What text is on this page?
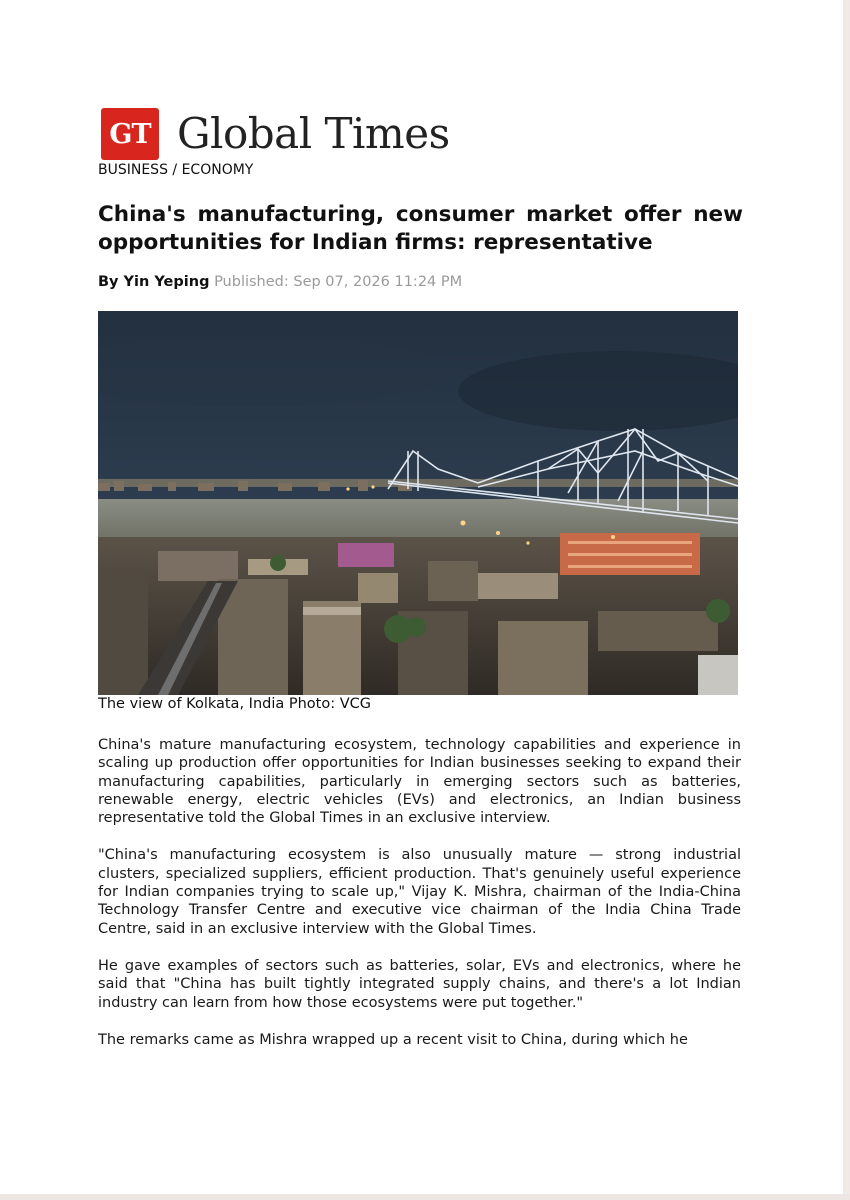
GT Global Times
BUSINESS / ECONOMY
China's manufacturing, consumer market offer new opportunities for Indian firms: representative
By Yin Yeping Published: Sep 07, 2026 11:24 PM
The view of Kolkata, India Photo: VCG

China's mature manufacturing ecosystem, technology capabilities and experience in scaling up production offer opportunities for Indian businesses seeking to expand their manufacturing capabilities, particularly in emerging sectors such as batteries, renewable energy, electric vehicles (EVs) and electronics, an Indian business representative told the Global Times in an exclusive interview.

"China's manufacturing ecosystem is also unusually mature — strong industrial clusters, specialized suppliers, efficient production. That's genuinely useful experience for Indian companies trying to scale up," Vijay K. Mishra, chairman of the India-China Technology Transfer Centre and executive vice chairman of the India China Trade Centre, said in an exclusive interview with the Global Times.

He gave examples of sectors such as batteries, solar, EVs and electronics, where he said that "China has built tightly integrated supply chains, and there's a lot Indian industry can learn from how those ecosystems were put together."

The remarks came as Mishra wrapped up a recent visit to China, during which he
